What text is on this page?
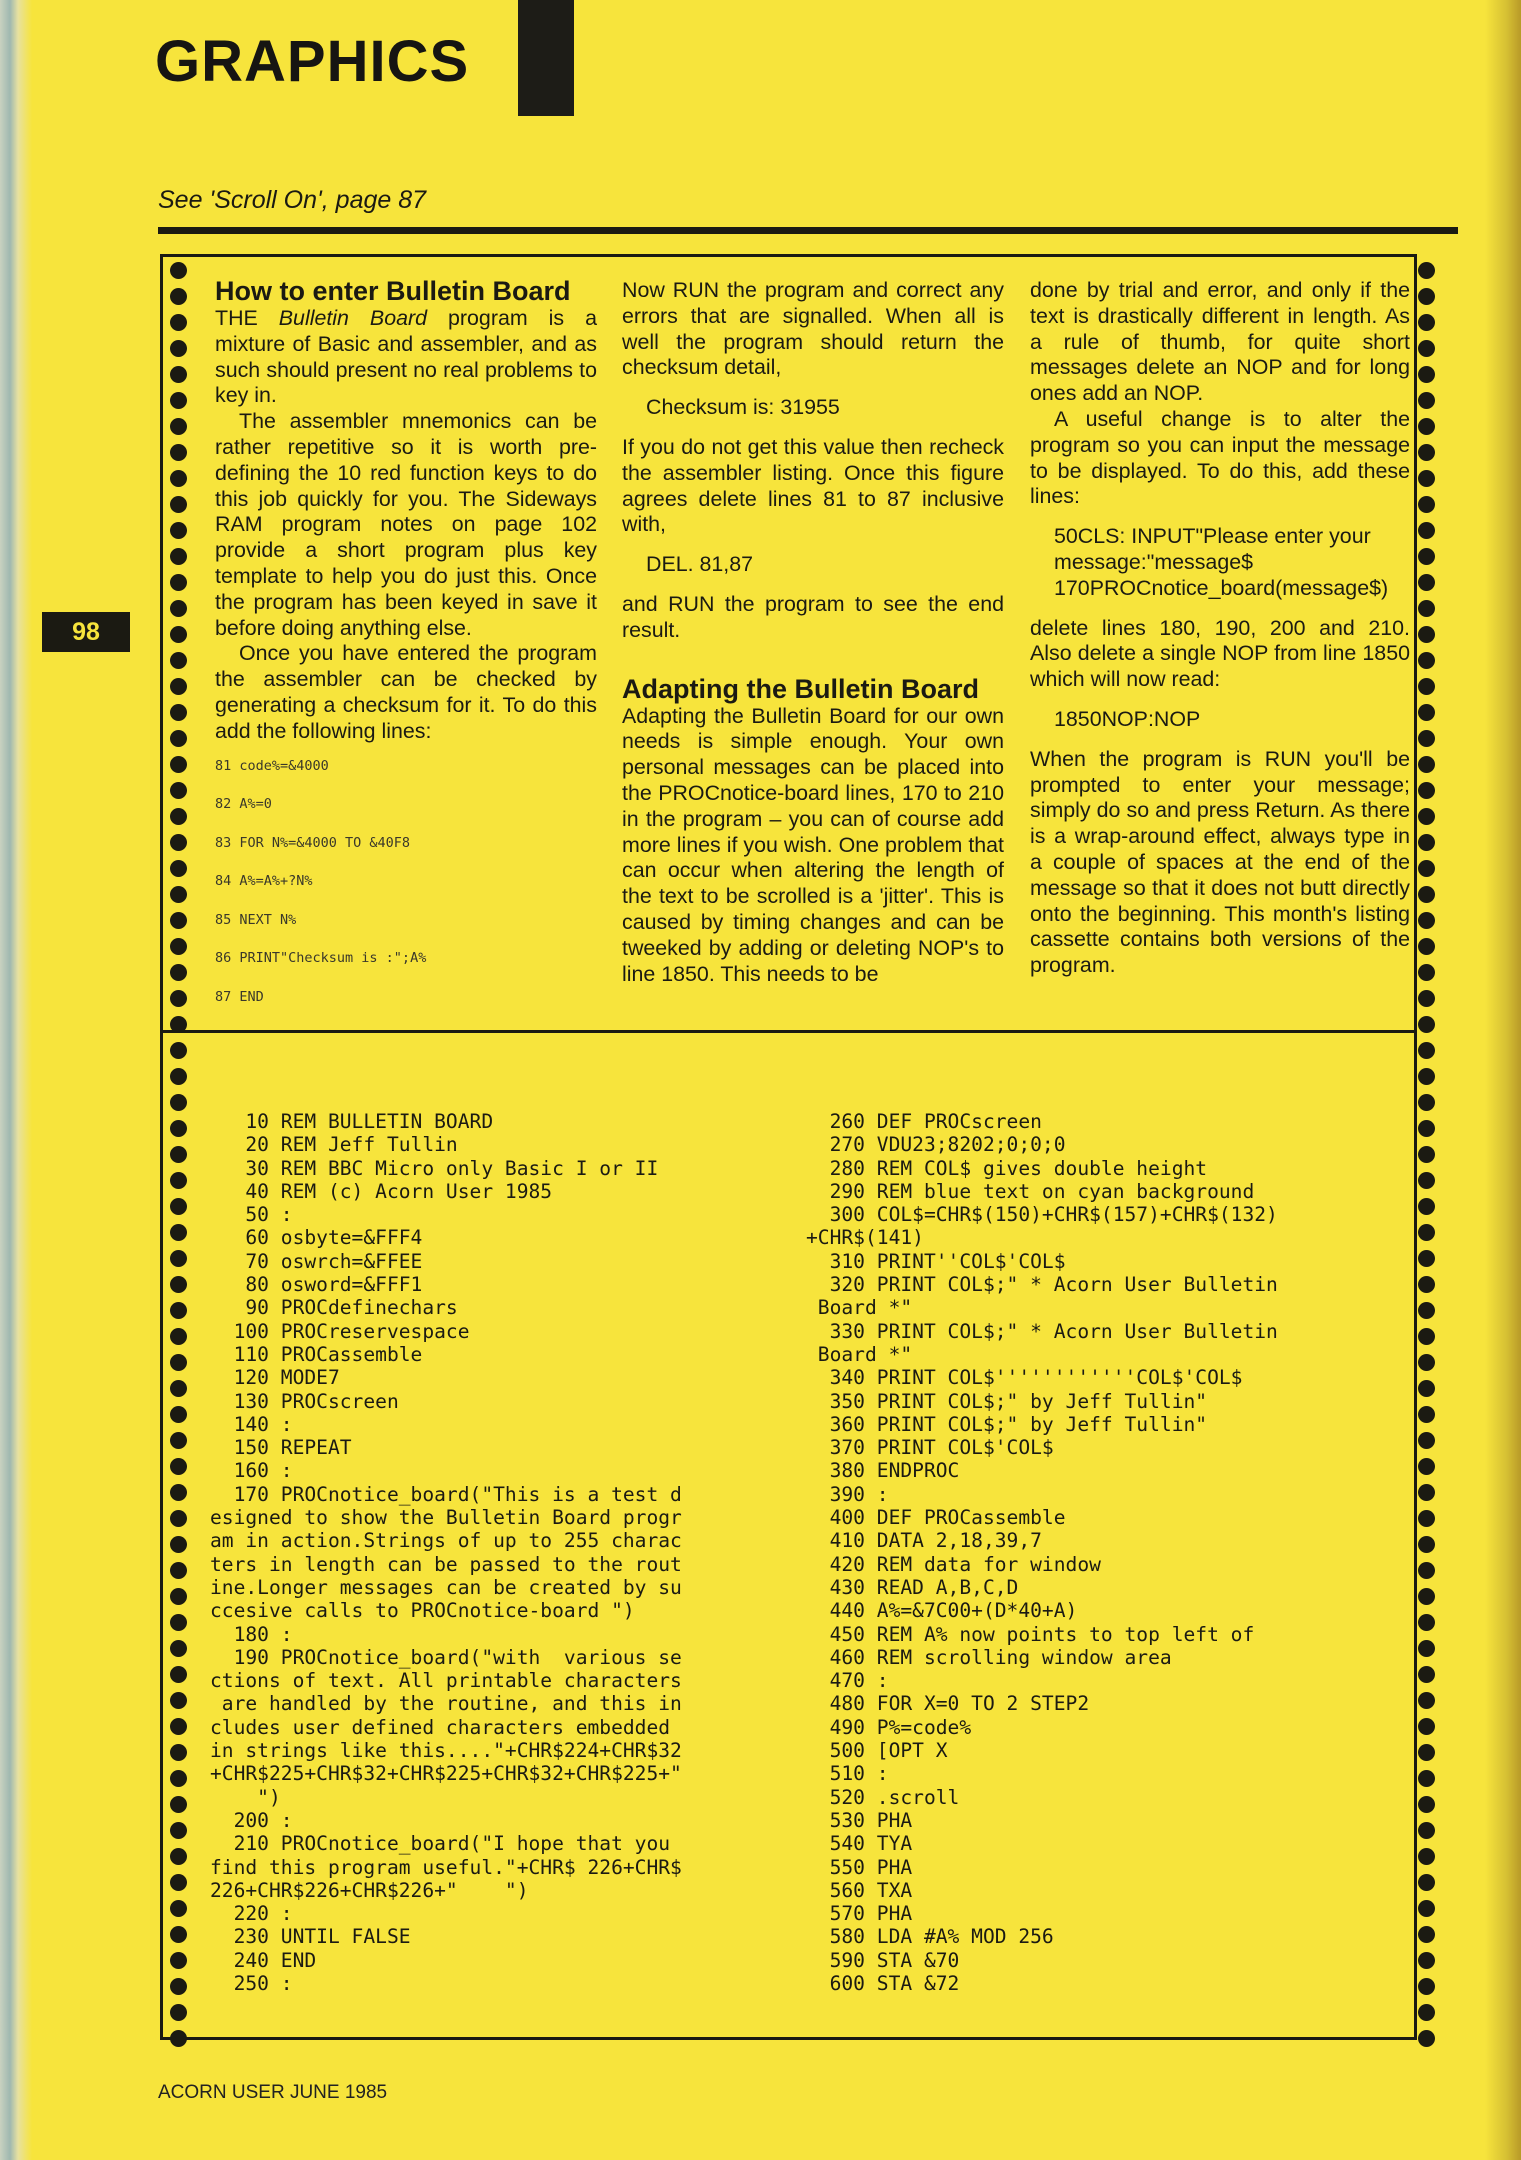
GRAPHICS
See 'Scroll On', page 87
98
How to enter Bulletin Board

THE Bulletin Board program is a mixture of Basic and assembler, and as such should present no real problems to key in.

The assembler mnemonics can be rather repetitive so it is worth pre-defining the 10 red function keys to do this job quickly for you. The Sideways RAM program notes on page 102 provide a short program plus key template to help you do just this. Once the program has been keyed in save it before doing anything else.

Once you have entered the program the assembler can be checked by generating a checksum for it. To do this add the following lines:

81 code%=&4000
82 A%=0
83 FOR N%=&4000 TO &40F8
84 A%=A%+?N%
85 NEXT N%
86 PRINT"Checksum is :";A%
87 END

Now RUN the program and correct any errors that are signalled. When all is well the program should return the checksum detail,

Checksum is: 31955

If you do not get this value then recheck the assembler listing. Once this figure agrees delete lines 81 to 87 inclusive with,

DEL. 81,87

and RUN the program to see the end result.

Adapting the Bulletin Board

Adapting the Bulletin Board for our own needs is simple enough. Your own personal messages can be placed into the PROCnotice-board lines, 170 to 210 in the program – you can of course add more lines if you wish. One problem that can occur when altering the length of the text to be scrolled is a 'jitter'. This is caused by timing changes and can be tweeked by adding or deleting NOP's to line 1850. This needs to be

done by trial and error, and only if the text is drastically different in length. As a rule of thumb, for quite short messages delete an NOP and for long ones add an NOP.

A useful change is to alter the program so you can input the message to be displayed. To do this, add these lines:

50CLS: INPUT"Please enter your message:"message$
170PROCnotice_board(message$)

delete lines 180, 190, 200 and 210. Also delete a single NOP from line 1850 which will now read:

1850NOP:NOP

When the program is RUN you'll be prompted to enter your message; simply do so and press Return. As there is a wrap-around effect, always type in a couple of spaces at the end of the message so that it does not butt directly onto the beginning. This month's listing cassette contains both versions of the program.

10 REM BULLETIN BOARD
20 REM Jeff Tullin
30 REM BBC Micro only Basic I or II
40 REM (c) Acorn User 1985
50 :
60 osbyte=&FFF4
70 oswrch=&FFEE
80 osword=&FFF1
90 PROCdefinechars
100 PROCreservespace
110 PROCassemble
120 MODE7
130 PROCscreen
140 :
150 REPEAT
160 :
170 PROCnotice_board("This is a test d
esigned to show the Bulletin Board progr
am in action.Strings of up to 255 charac
ters in length can be passed to the rout
ine.Longer messages can be created by su
ccesive calls to PROCnotice-board ")
180 :
190 PROCnotice_board("with  various se
ctions of text. All printable characters
are handled by the routine, and this in
cludes user defined characters embedded
in strings like this...."+CHR$224+CHR$32
+CHR$225+CHR$32+CHR$225+CHR$32+CHR$225+"
")
200 :
210 PROCnotice_board("I hope that you
find this program useful."+CHR$ 226+CHR$
226+CHR$226+CHR$226+"    ")
220 :
230 UNTIL FALSE
240 END
250 :
260 DEF PROCscreen
270 VDU23;8202;0;0;0
280 REM COL$ gives double height
290 REM blue text on cyan background
300 COL$=CHR$(150)+CHR$(157)+CHR$(132)
+CHR$(141)
310 PRINT''COL$'COL$
320 PRINT COL$;" * Acorn User Bulletin
Board *"
330 PRINT COL$;" * Acorn User Bulletin
Board *"
340 PRINT COL$''''''''''''COL$'COL$
350 PRINT COL$;" by Jeff Tullin"
360 PRINT COL$;" by Jeff Tullin"
370 PRINT COL$'COL$
380 ENDPROC
390 :
400 DEF PROCassemble
410 DATA 2,18,39,7
420 REM data for window
430 READ A,B,C,D
440 A%=&7C00+(D*40+A)
450 REM A% now points to top left of
460 REM scrolling window area
470 :
480 FOR X=0 TO 2 STEP2
490 P%=code%
500 [OPT X
510 :
520 .scroll
530 PHA
540 TYA
550 PHA
560 TXA
570 PHA
580 LDA #A% MOD 256
590 STA &70
600 STA &72
ACORN USER JUNE 1985
